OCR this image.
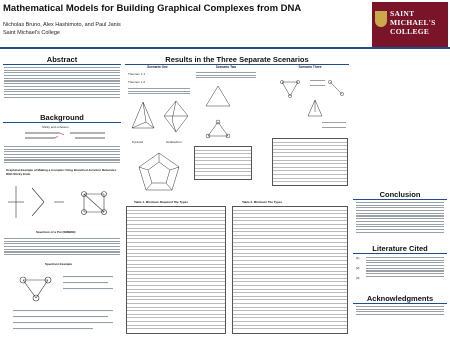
Mathematical Models for Building Graphical Complexes from DNA
Nicholas Bruno, Alex Hashimoto, and Paul Janis
Saint Michael's College
SAINT
MICHAEL'S
COLLEGE
Abstract
Background
Sticky end cohesion
Graphical Example of Making a Complex Using Branched Junction Molecules With Sticky Ends
Spectrum of a Pot (SMBDB)
Spectrum Example
Results in the Three Separate Scenarios
Scenario One	Scenario Two	Scenario Three
Theorem 1.1
Theorem 1.2
Pyramid	Octahedron
Table 1. Minimum Required Tile Types	Table 2. Minimum Tile Types
Conclusion
Literature Cited
[1]
[2]
[3]
Acknowledgments
